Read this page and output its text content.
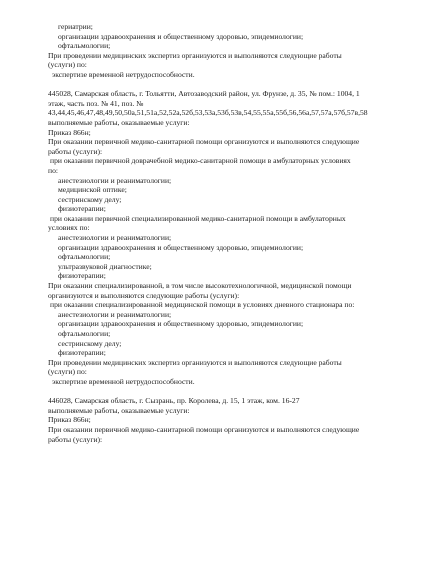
гериатрии;
организации здравоохранения и общественному здоровью, эпидемиологии;
офтальмологии;
При проведении медицинских экспертиз организуются и выполняются следующие работы
(услуги) по:
экспертизе временной нетрудоспособности.
445028, Самарская область, г. Тольятти, Автозаводский район, ул. Фрунзе, д. 35, № пом.: 1004, 1
этаж, часть поз. № 41, поз. №
43,44,45,46,47,48,49,50,50а,51,51а,52,52а,52б,53,53а,53б,53в,54,55,55а,55б,56,56а,57,57а,57б,57в,58
выполняемые работы, оказываемые услуги:
Приказ 866н;
При оказании первичной медико-санитарной помощи организуются и выполняются следующие
работы (услуги):
при оказании первичной доврачебной медико-санитарной помощи в амбулаторных условиях
по:
анестезиологии и реаниматологии;
медицинской оптике;
сестринскому делу;
физиотерапии;
при оказании первичной специализированной медико-санитарной помощи в амбулаторных
условиях по:
анестезиологии и реаниматологии;
организации здравоохранения и общественному здоровью, эпидемиологии;
офтальмологии;
ультразвуковой диагностике;
физиотерапии;
При оказании специализированной, в том числе высокотехнологичной, медицинской помощи
организуются и выполняются следующие работы (услуги):
при оказании специализированной медицинской помощи в условиях дневного стационара по:
анестезиологии и реаниматологии;
организации здравоохранения и общественному здоровью, эпидемиологии;
офтальмологии;
сестринскому делу;
физиотерапии;
При проведении медицинских экспертиз организуются и выполняются следующие работы
(услуги) по:
экспертизе временной нетрудоспособности.
446028, Самарская область, г. Сызрань, пр. Королева, д. 15, 1 этаж, ком. 16-27
выполняемые работы, оказываемые услуги:
Приказ 866н;
При оказании первичной медико-санитарной помощи организуются и выполняются следующие
работы (услуги):
